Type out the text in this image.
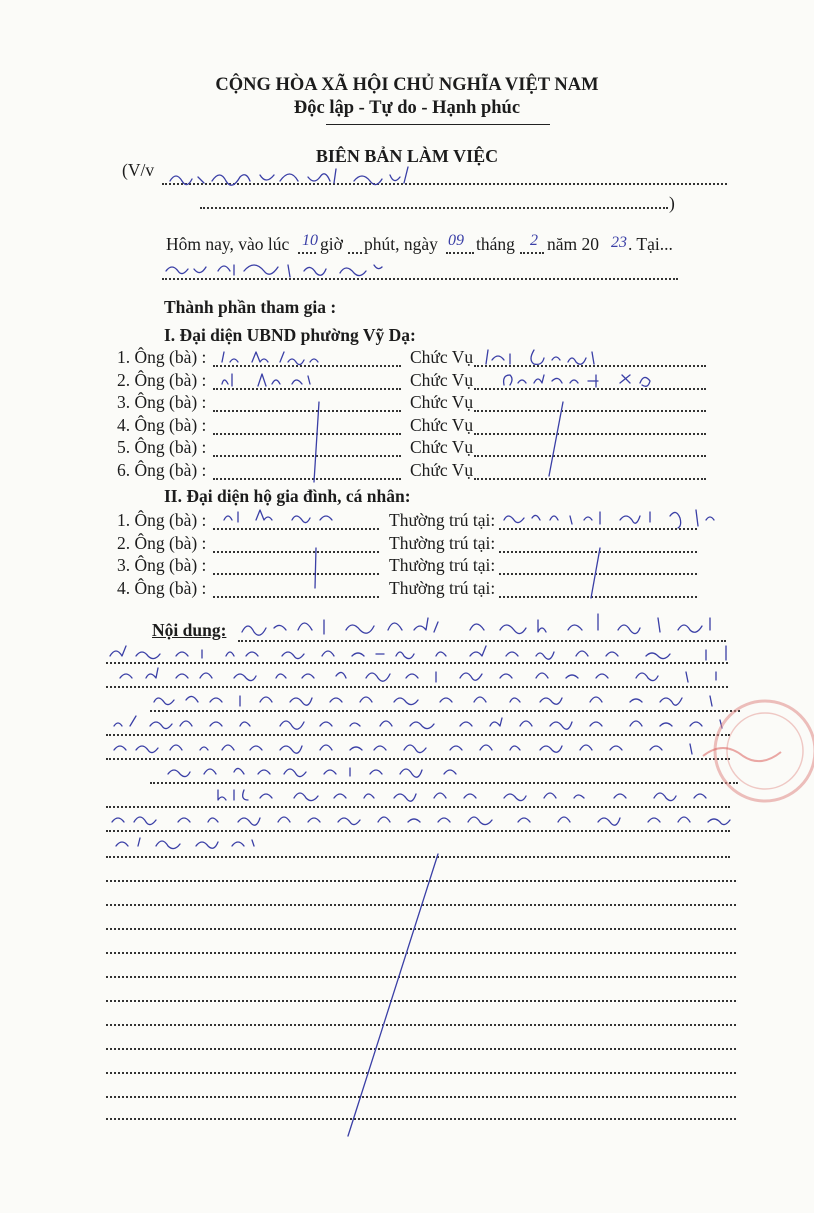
CỘNG HÒA XÃ HỘI CHỦ NGHĨA VIỆT NAM
Độc lập - Tự do - Hạnh phúc
BIÊN BẢN LÀM VIỆC
(V/v
)
Hôm nay, vào lúc 10 giờ phút, ngày 09 tháng 2 năm 20 23 . Tại...
Thành phần tham gia :
I. Đại diện UBND phường Vỹ Dạ:
1. Ông (bà) :	Chức Vụ
2. Ông (bà) :	Chức Vụ
3. Ông (bà) :	Chức Vụ
4. Ông (bà) :	Chức Vụ
5. Ông (bà) :	Chức Vụ
6. Ông (bà) :	Chức Vụ
II. Đại diện hộ gia đình, cá nhân:
1. Ông (bà) :	Thường trú tại:
2. Ông (bà) :	Thường trú tại:
3. Ông (bà) :	Thường trú tại:
4. Ông (bà) :	Thường trú tại:
Nội dung:
